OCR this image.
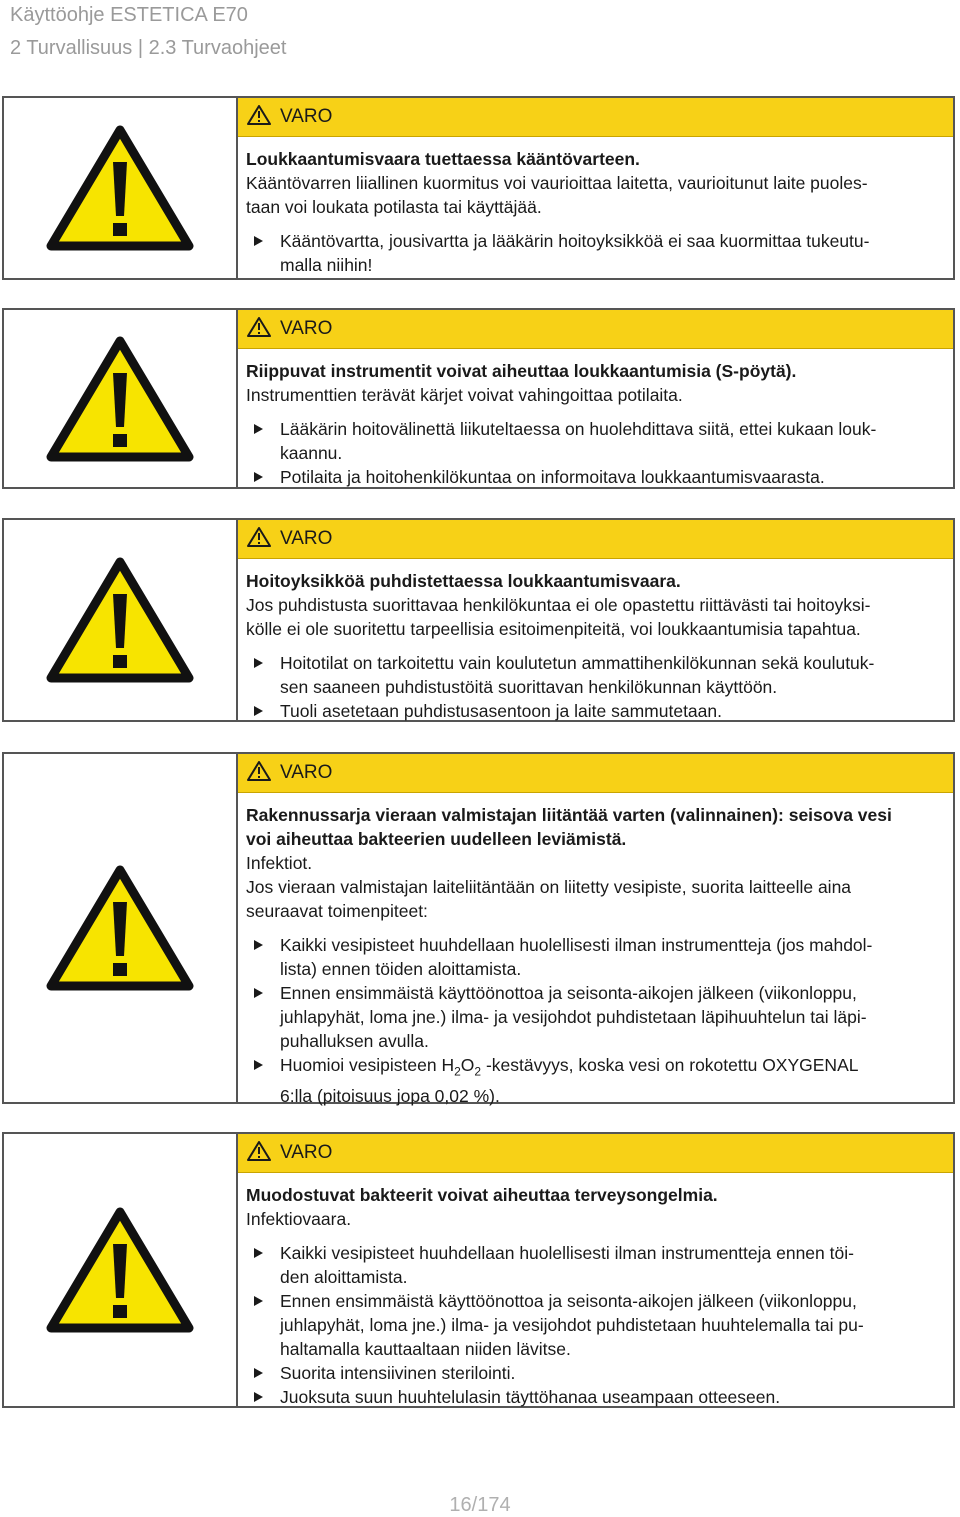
Käyttöohje ESTETICA E70
2 Turvallisuus | 2.3 Turvaohjeet
VARO
Loukkaantumisvaara tuettaessa kääntövarteen.
Kääntövarren liiallinen kuormitus voi vaurioittaa laitetta, vaurioitunut laite puoles-
taan voi loukata potilasta tai käyttäjää.
Kääntövartta, jousivartta ja lääkärin hoitoyksikköä ei saa kuormittaa tukeutu-
malla niihin!
VARO
Riippuvat instrumentit voivat aiheuttaa loukkaantumisia (S-pöytä).
Instrumenttien terävät kärjet voivat vahingoittaa potilaita.
Lääkärin hoitovälinettä liikuteltaessa on huolehdittava siitä, ettei kukaan louk-
kaannu.
Potilaita ja hoitohenkilökuntaa on informoitava loukkaantumisvaarasta.
VARO
Hoitoyksikköä puhdistettaessa loukkaantumisvaara.
Jos puhdistusta suorittavaa henkilökuntaa ei ole opastettu riittävästi tai hoitoyksi-
kölle ei ole suoritettu tarpeellisia esitoimenpiteitä, voi loukkaantumisia tapahtua.
Hoitotilat on tarkoitettu vain koulutetun ammattihenkilökunnan sekä koulutuk-
sen saaneen puhdistustöitä suorittavan henkilökunnan käyttöön.
Tuoli asetetaan puhdistusasentoon ja laite sammutetaan.
VARO
Rakennussarja vieraan valmistajan liitäntää varten (valinnainen): seisova vesi
voi aiheuttaa bakteerien uudelleen leviämistä.
Infektiot.
Jos vieraan valmistajan laiteliitäntään on liitetty vesipiste, suorita laitteelle aina
seuraavat toimenpiteet:
Kaikki vesipisteet huuhdellaan huolellisesti ilman instrumentteja (jos mahdol-
lista) ennen töiden aloittamista.
Ennen ensimmäistä käyttöönottoa ja seisonta-aikojen jälkeen (viikonloppu,
juhlapyhät, loma jne.) ilma- ja vesijohdot puhdistetaan läpihuuhtelun tai läpi-
puhalluksen avulla.
Huomioi vesipisteen $H_2O_2$ -kestävyys, koska vesi on rokotettu OXYGENAL
6:lla (pitoisuus jopa 0,02 %).
VARO
Muodostuvat bakteerit voivat aiheuttaa terveysongelmia.
Infektiovaara.
Kaikki vesipisteet huuhdellaan huolellisesti ilman instrumentteja ennen töi-
den aloittamista.
Ennen ensimmäistä käyttöönottoa ja seisonta-aikojen jälkeen (viikonloppu,
juhlapyhät, loma jne.) ilma- ja vesijohdot puhdistetaan huuhtelemalla tai pu-
haltamalla kauttaaltaan niiden lävitse.
Suorita intensiivinen sterilointi.
Juoksuta suun huuhtelulasin täyttöhanaa useampaan otteeseen.
16/174
